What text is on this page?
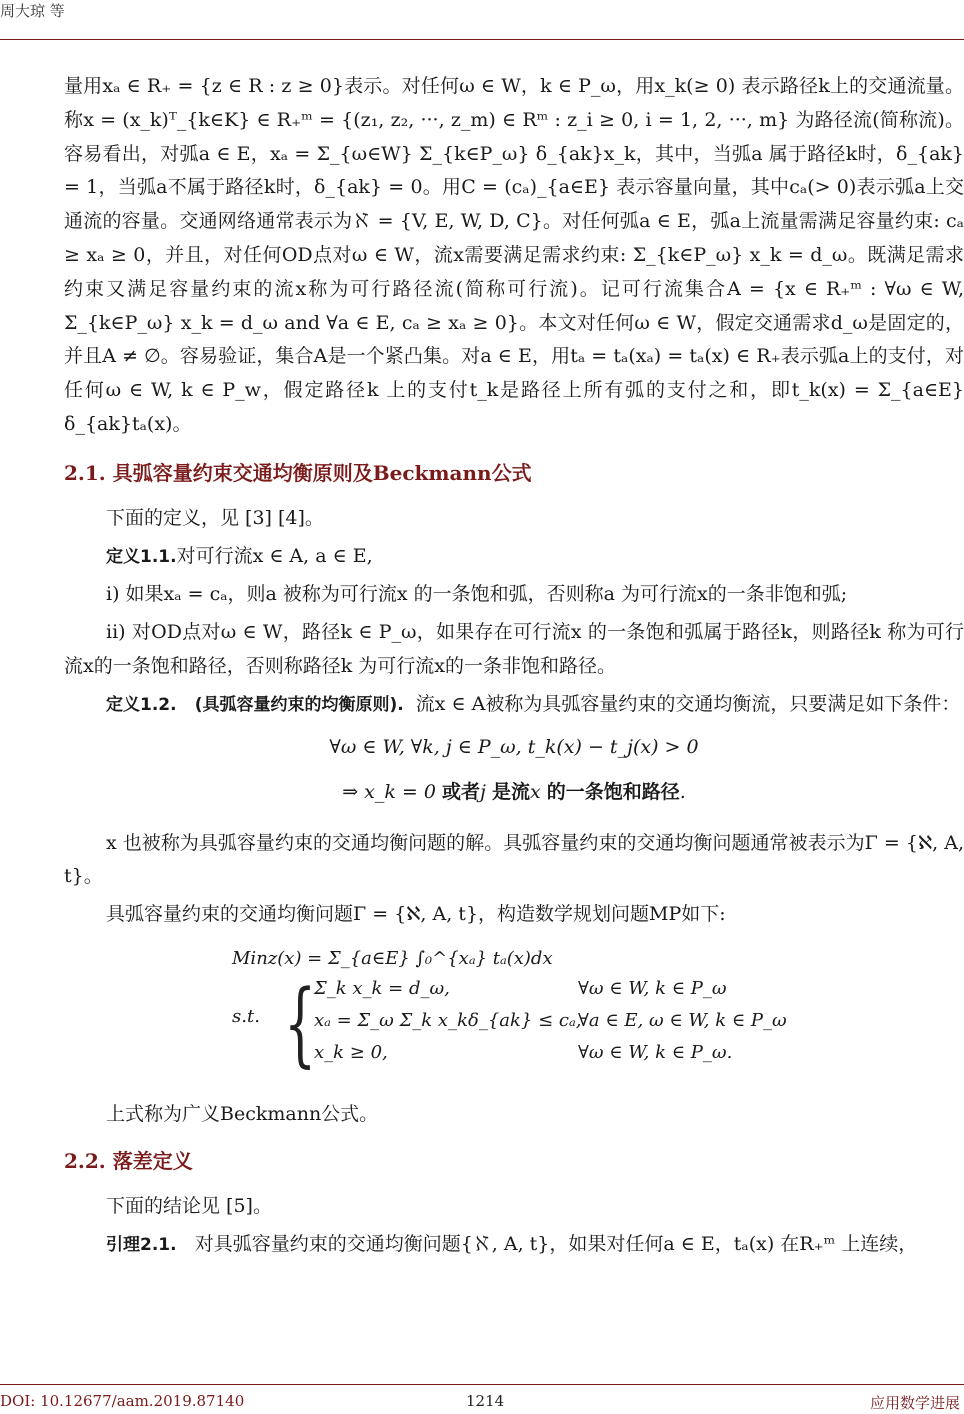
周大琼 等

量用xₐ ∈ R₊ = {z ∈ R : z ≥ 0}表示。对任何ω ∈ W，k ∈ P_ω，用x_k(≥ 0) 表示路径k上的交通流量。称x = (x_k)ᵀ_{k∈K} ∈ R₊ᵐ = {(z₁, z₂, ···, z_m) ∈ Rᵐ : z_i ≥ 0, i = 1, 2, ···, m} 为路径流(简称流)。容易看出，对弧a ∈ E，xₐ = Σ_{ω∈W} Σ_{k∈P_ω} δ_{ak}x_k，其中，当弧a 属于路径k时，δ_{ak} = 1，当弧a不属于路径k时，δ_{ak} = 0。用C = (cₐ)_{a∈E} 表示容量向量，其中cₐ(> 0)表示弧a上交通流的容量。交通网络通常表示为ℵ = {V, E, W, D, C}。对任何弧a ∈ E，弧a上流量需满足容量约束: cₐ ≥ xₐ ≥ 0，并且，对任何OD点对ω ∈ W，流x需要满足需求约束: Σ_{k∈P_ω} x_k = d_ω。既满足需求约束又满足容量约束的流x称为可行路径流(简称可行流)。记可行流集合A = {x ∈ R₊ᵐ : ∀ω ∈ W, Σ_{k∈P_ω} x_k = d_ω and ∀a ∈ E, cₐ ≥ xₐ ≥ 0}。本文对任何ω ∈ W，假定交通需求d_ω是固定的，并且A ≠ ∅。容易验证，集合A是一个紧凸集。对a ∈ E，用tₐ = tₐ(xₐ) = tₐ(x) ∈ R₊表示弧a上的支付，对任何ω ∈ W, k ∈ P_w，假定路径k 上的支付t_k是路径上所有弧的支付之和，即t_k(x) = Σ_{a∈E} δ_{ak}tₐ(x)。

2.1. 具弧容量约束交通均衡原则及Beckmann公式

下面的定义，见 [3] [4]。

定义1.1.对可行流x ∈ A, a ∈ E,

i) 如果xₐ = cₐ，则a 被称为可行流x 的一条饱和弧，否则称a 为可行流x的一条非饱和弧;

ii) 对OD点对ω ∈ W，路径k ∈ P_ω，如果存在可行流x 的一条饱和弧属于路径k，则路径k 称为可行流x的一条饱和路径，否则称路径k 为可行流x的一条非饱和路径。

定义1.2. (具弧容量约束的均衡原则). 流x ∈ A被称为具弧容量约束的交通均衡流，只要满足如下条件：

∀ω ∈ W, ∀k, j ∈ P_ω, t_k(x) − t_j(x) > 0
⇒ x_k = 0 或者j 是流x 的一条饱和路径.

x 也被称为具弧容量约束的交通均衡问题的解。具弧容量约束的交通均衡问题通常被表示为Γ = {ℵ, A, t}。

具弧容量约束的交通均衡问题Γ = {ℵ, A, t}，构造数学规划问题MP如下:

Minz(x) = Σ_{a∈E} ∫₀^{xₐ} tₐ(x)dx
s.t. {
Σ_k x_k = d_ω,	∀ω ∈ W, k ∈ P_ω
xₐ = Σ_ω Σ_k x_kδ_{ak} ≤ cₐ,
∀a ∈ E, ω ∈ W, k ∈ P_ω
x_k ≥ 0,	∀ω ∈ W, k ∈ P_ω.

上式称为广义Beckmann公式。

2.2. 落差定义

下面的结论见 [5]。

引理2.1. 对具弧容量约束的交通均衡问题{ℵ, A, t}，如果对任何a ∈ E，tₐ(x) 在R₊ᵐ 上连续，

DOI: 10.12677/aam.2019.87140	1214	应用数学进展
